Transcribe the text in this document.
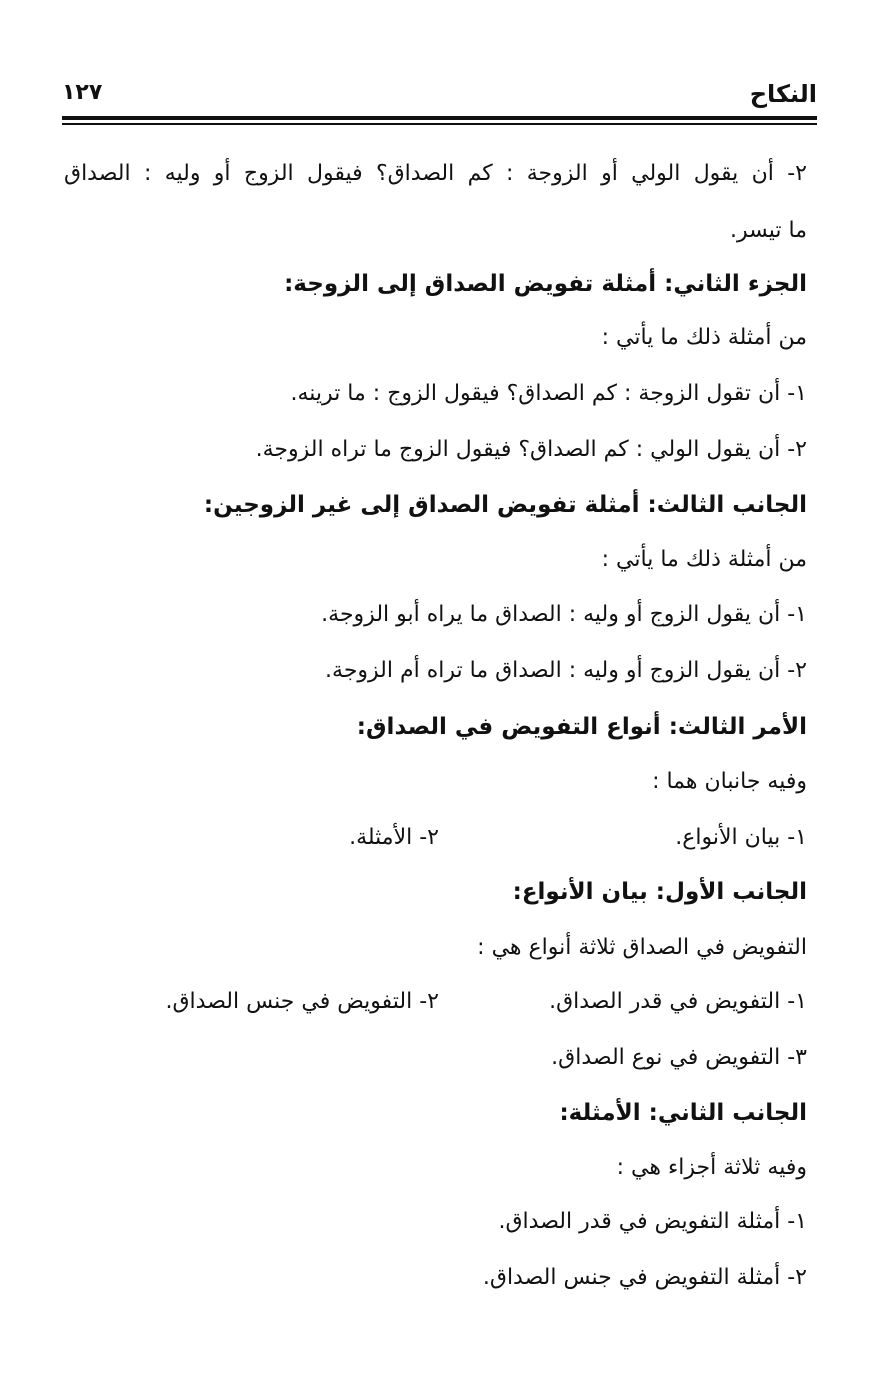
النكاح
١٢٧
٢- أن يقول الولي أو الزوجة : كم الصداق؟ فيقول الزوج أو وليه : الصداق
ما تيسر.
الجزء الثاني: أمثلة تفويض الصداق إلى الزوجة:
من أمثلة ذلك ما يأتي :
١- أن تقول الزوجة : كم الصداق؟ فيقول الزوج : ما ترينه.
٢- أن يقول الولي : كم الصداق؟ فيقول الزوج ما تراه الزوجة.
الجانب الثالث: أمثلة تفويض الصداق إلى غير الزوجين:
من أمثلة ذلك ما يأتي :
١- أن يقول الزوج أو وليه : الصداق ما يراه أبو الزوجة.
٢- أن يقول الزوج أو وليه : الصداق ما تراه أم الزوجة.
الأمر الثالث: أنواع التفويض في الصداق:
وفيه جانبان هما :
١- بيان الأنواع.
٢- الأمثلة.
الجانب الأول: بيان الأنواع:
التفويض في الصداق ثلاثة أنواع هي :
١- التفويض في قدر الصداق.
٢- التفويض في جنس الصداق.
٣- التفويض في نوع الصداق.
الجانب الثاني: الأمثلة:
وفيه ثلاثة أجزاء هي :
١- أمثلة التفويض في قدر الصداق.
٢- أمثلة التفويض في جنس الصداق.
